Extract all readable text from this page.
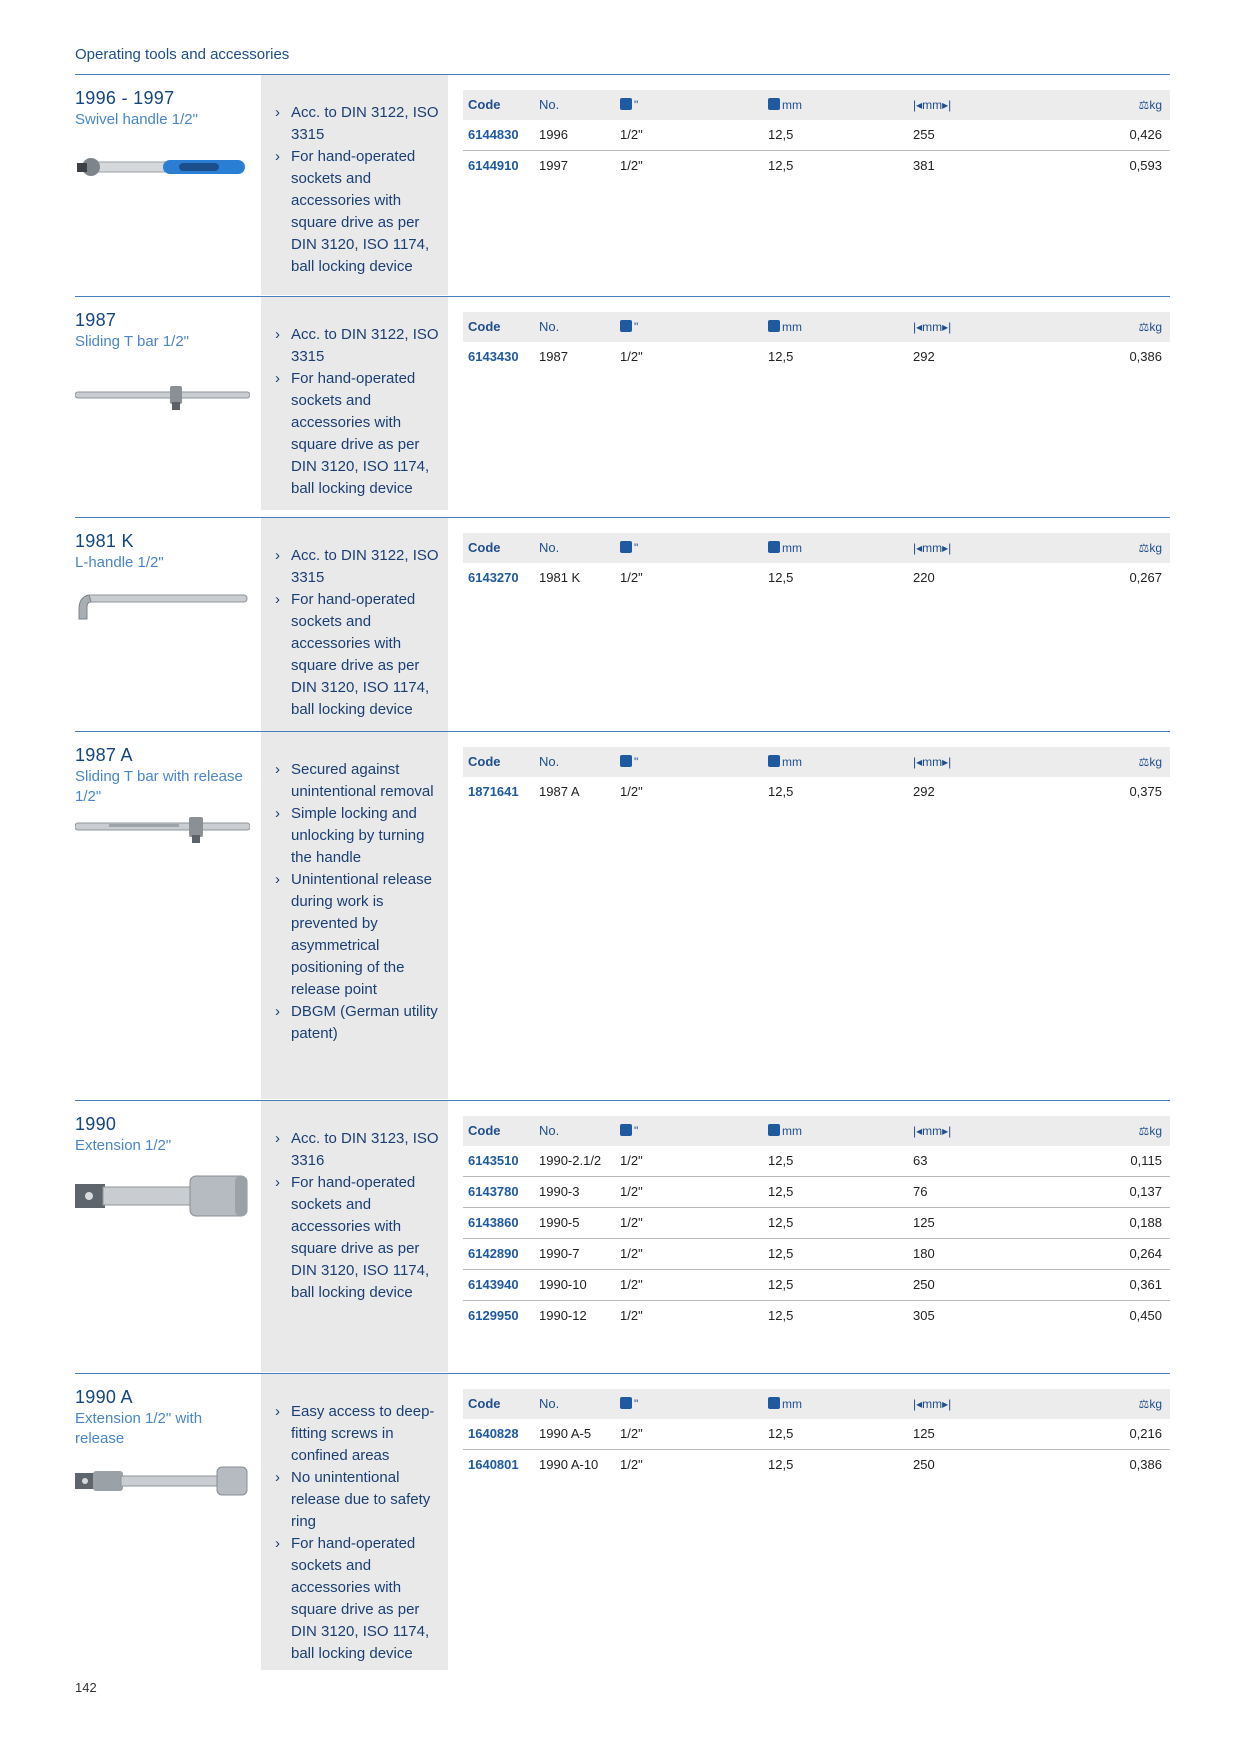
Operating tools and accessories
1996 - 1997
Swivel handle 1/2"	› Acc. to DIN 3122, ISO 3315
› For hand-operated sockets and accessories with square drive as per DIN 3120, ISO 1174, ball locking device
Code	No.	"	mm	|◂mm▸|	⚖kg
6144830 1996	1/2"	12,5	255	0,426
6144910 1997	1/2"	12,5	381	0,593
1987
Sliding T bar 1/2"	› Acc. to DIN 3122, ISO 3315
› For hand-operated sockets and accessories with square drive as per DIN 3120, ISO 1174, ball locking device
Code	No.	"	mm	|◂mm▸|	⚖kg
6143430 1987	1/2"	12,5	292	0,386
1981 K
L-handle 1/2"	› Acc. to DIN 3122, ISO 3315
› For hand-operated sockets and accessories with square drive as per DIN 3120, ISO 1174, ball locking device
Code	No.	"	mm	|◂mm▸|	⚖kg
6143270 1981 K	1/2"	12,5	220	0,267
1987 A
Sliding T bar with release 1/2"
› Secured against unintentional removal
› Simple locking and unlocking by turning the handle
› Unintentional release during work is prevented by asymmetrical positioning of the release point
› DBGM (German utility patent)
Code	No.	"	mm	|◂mm▸|	⚖kg
1871641 1987 A	1/2"	12,5	292	0,375
1990
Extension 1/2"	› Acc. to DIN 3123, ISO 3316
› For hand-operated sockets and accessories with square drive as per DIN 3120, ISO 1174, ball locking device
Code	No.	"	mm	|◂mm▸|	⚖kg
6143510 1990-2.1/2 1/2"	12,5	63	0,115
6143780 1990-3	1/2"	12,5	76	0,137
6143860 1990-5	1/2"	12,5	125	0,188
6142890 1990-7	1/2"	12,5	180	0,264
6143940 1990-10	1/2"	12,5	250	0,361
6129950 1990-12	1/2"	12,5	305	0,450
1990 A
Extension 1/2" with release
› Easy access to deep-fitting screws in confined areas
› No unintentional release due to safety ring
› For hand-operated sockets and accessories with square drive as per DIN 3120, ISO 1174, ball locking device
Code	No.	"	mm	|◂mm▸|	⚖kg
1640828 1990 A-5 1/2"	12,5	125	0,216
1640801 1990 A-10 1/2"	12,5	250	0,386
142
